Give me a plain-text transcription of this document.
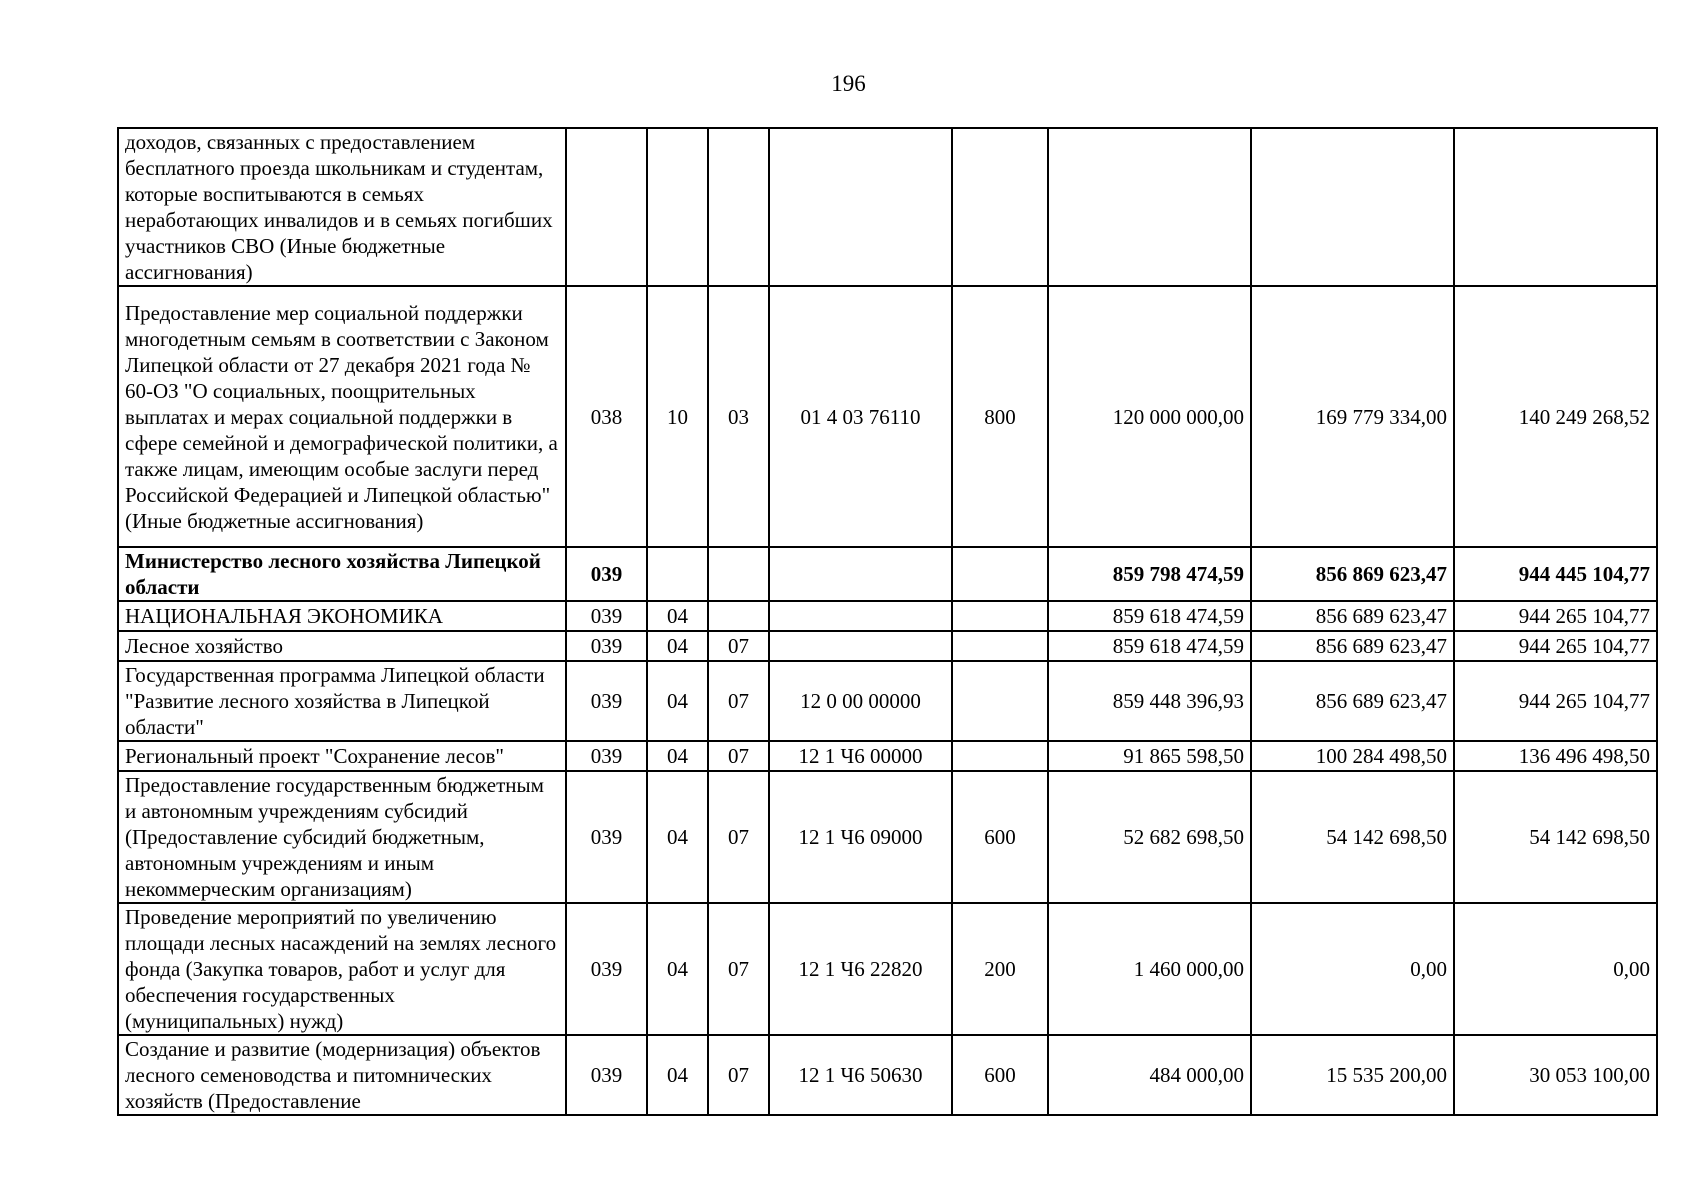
196
доходов, связанных с предоставлением бесплатного проезда школьникам и студентам, которые воспитываются в семьях неработающих инвалидов и в семьях погибших участников СВО (Иные бюджетные ассигнования)								
Предоставление мер социальной поддержки многодетным семьям в соответствии с Законом Липецкой области от 27 декабря 2021 года № 60-ОЗ "О социальных, поощрительных выплатах и мерах социальной поддержки в сфере семейной и демографической политики, а также лицам, имеющим особые заслуги перед Российской Федерацией и Липецкой областью" (Иные бюджетные ассигнования)	038	10	03	01 4 03 76110	800	120 000 000,00	169 779 334,00	140 249 268,52
Министерство лесного хозяйства Липецкой области	039					859 798 474,59	856 869 623,47	944 445 104,77
НАЦИОНАЛЬНАЯ ЭКОНОМИКА	039	04				859 618 474,59	856 689 623,47	944 265 104,77
Лесное хозяйство	039	04	07			859 618 474,59	856 689 623,47	944 265 104,77
Государственная программа Липецкой области "Развитие лесного хозяйства в Липецкой области"	039	04	07	12 0 00 00000		859 448 396,93	856 689 623,47	944 265 104,77
Региональный проект "Сохранение лесов"	039	04	07	12 1 Ч6 00000		91 865 598,50	100 284 498,50	136 496 498,50
Предоставление государственным бюджетным и автономным учреждениям субсидий (Предоставление субсидий бюджетным, автономным учреждениям и иным некоммерческим организациям)	039	04	07	12 1 Ч6 09000	600	52 682 698,50	54 142 698,50	54 142 698,50
Проведение мероприятий по увеличению площади лесных насаждений на землях лесного фонда (Закупка товаров, работ и услуг для обеспечения государственных (муниципальных) нужд)	039	04	07	12 1 Ч6 22820	200	1 460 000,00	0,00	0,00
Создание и развитие (модернизация) объектов лесного семеноводства и питомнических хозяйств (Предоставление	039	04	07	12 1 Ч6 50630	600	484 000,00	15 535 200,00	30 053 100,00
